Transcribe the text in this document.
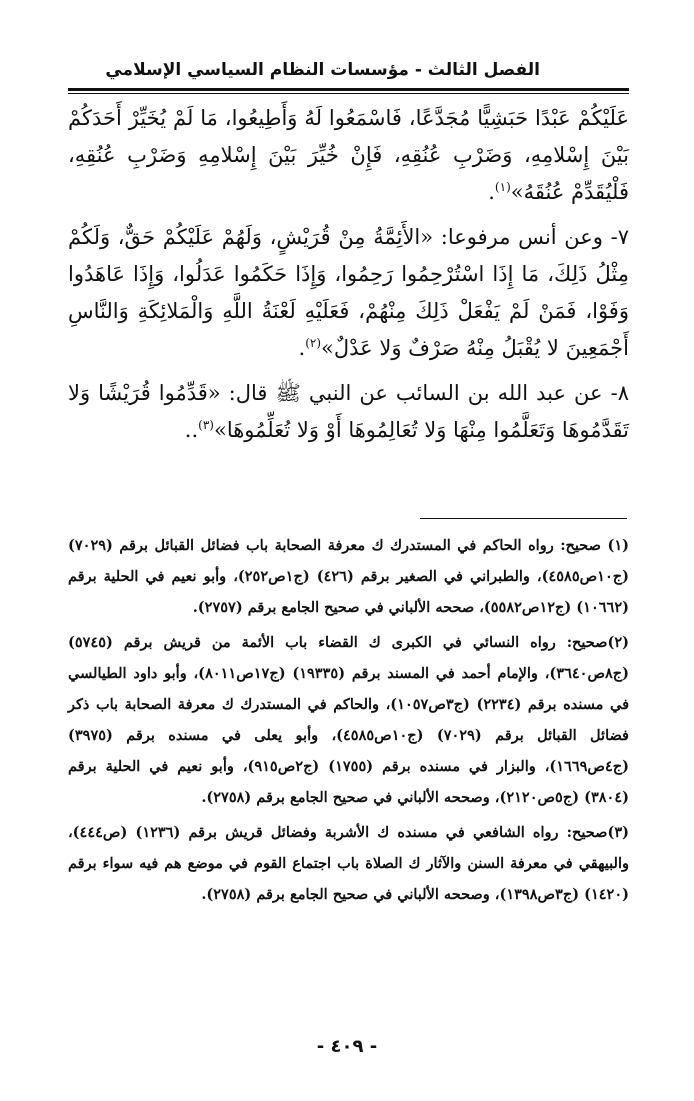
الفصل الثالث - مؤسسات النظام السياسي الإسلامي

عَلَيْكُمْ عَبْدًا حَبَشِيًّا مُجَدَّعًا، فَاسْمَعُوا لَهُ وَأَطِيعُوا، مَا لَمْ يُخَيِّرْ أَحَدَكُمْ بَيْنَ إِسْلامِهِ، وَضَرْبِ عُنُقِهِ، فَإِنْ خُيِّرَ بَيْنَ إِسْلامِهِ وَضَرْبِ عُنُقِهِ، فَلْيُقَدِّمْ عُنُقَهُ»$^{(١)}$.

٧- وعن أنس مرفوعا: «الأَئِمَّةُ مِنْ قُرَيْشٍ، وَلَهُمْ عَلَيْكُمْ حَقٌّ، وَلَكُمْ مِثْلُ ذَلِكَ، مَا إِذَا اسْتُرْحِمُوا رَحِمُوا، وَإِذَا حَكَمُوا عَدَلُوا، وَإِذَا عَاهَدُوا وَفَوْا، فَمَنْ لَمْ يَفْعَلْ ذَلِكَ مِنْهُمْ، فَعَلَيْهِ لَعْنَةُ اللَّهِ وَالْمَلائِكَةِ وَالنَّاسِ أَجْمَعِينَ لا يُقْبَلُ مِنْهُ صَرْفٌ وَلا عَدْلٌ»$^{(٢)}$.

٨- عن عبد الله بن السائب عن النبي ﷺ قال: «قَدِّمُوا قُرَيْشًا وَلا تَقَدَّمُوهَا وَتَعَلَّمُوا مِنْهَا وَلا تُعَالِمُوهَا أَوْ وَلا تُعَلِّمُوهَا»$^{(٣)}$..

(١) صحيح: رواه الحاكم في المستدرك ك معرفة الصحابة باب فضائل القبائل برقم (٧٠٢٩) (ج١٠ص٤٥٨٥)، والطبراني في الصغير برقم (٤٢٦) (ج١ص٢٥٢)، وأبو نعيم في الحلية برقم (١٠٦٦٢) (ج١٢ص٥٥٨٢)، صححه الألباني في صحيح الجامع برقم (٢٧٥٧).

(٢)صحيح: رواه النسائي في الكبرى ك القضاء باب الأئمة من قريش برقم (٥٧٤٥) (ج٨ص٣٦٤٠)، والإمام أحمد في المسند برقم (١٩٣٣٥) (ج١٧ص٨٠١١)، وأبو داود الطيالسي في مسنده برقم (٢٢٣٤) (ج٣ص١٠٥٧)، والحاكم في المستدرك ك معرفة الصحابة باب ذكر فضائل القبائل برقم (٧٠٢٩) (ج١٠ص٤٥٨٥)، وأبو يعلى في مسنده برقم (٣٩٧٥) (ج٤ص١٦٦٩)، والبزار في مسنده برقم (١٧٥٥) (ج٢ص٩١٥)، وأبو نعيم في الحلية برقم (٣٨٠٤) (ج٥ص٢١٢٠)، وصححه الألباني في صحيح الجامع برقم (٢٧٥٨).

(٣)صحيح: رواه الشافعي في مسنده ك الأشربة وفضائل قريش برقم (١٢٣٦) (ص٤٤٤)، والبيهقي في معرفة السنن والآثار ك الصلاة باب اجتماع القوم في موضع هم فيه سواء برقم (١٤٢٠) (ج٣ص١٣٩٨)، وصححه الألباني في صحيح الجامع برقم (٢٧٥٨).

- ٤٠٩ -
